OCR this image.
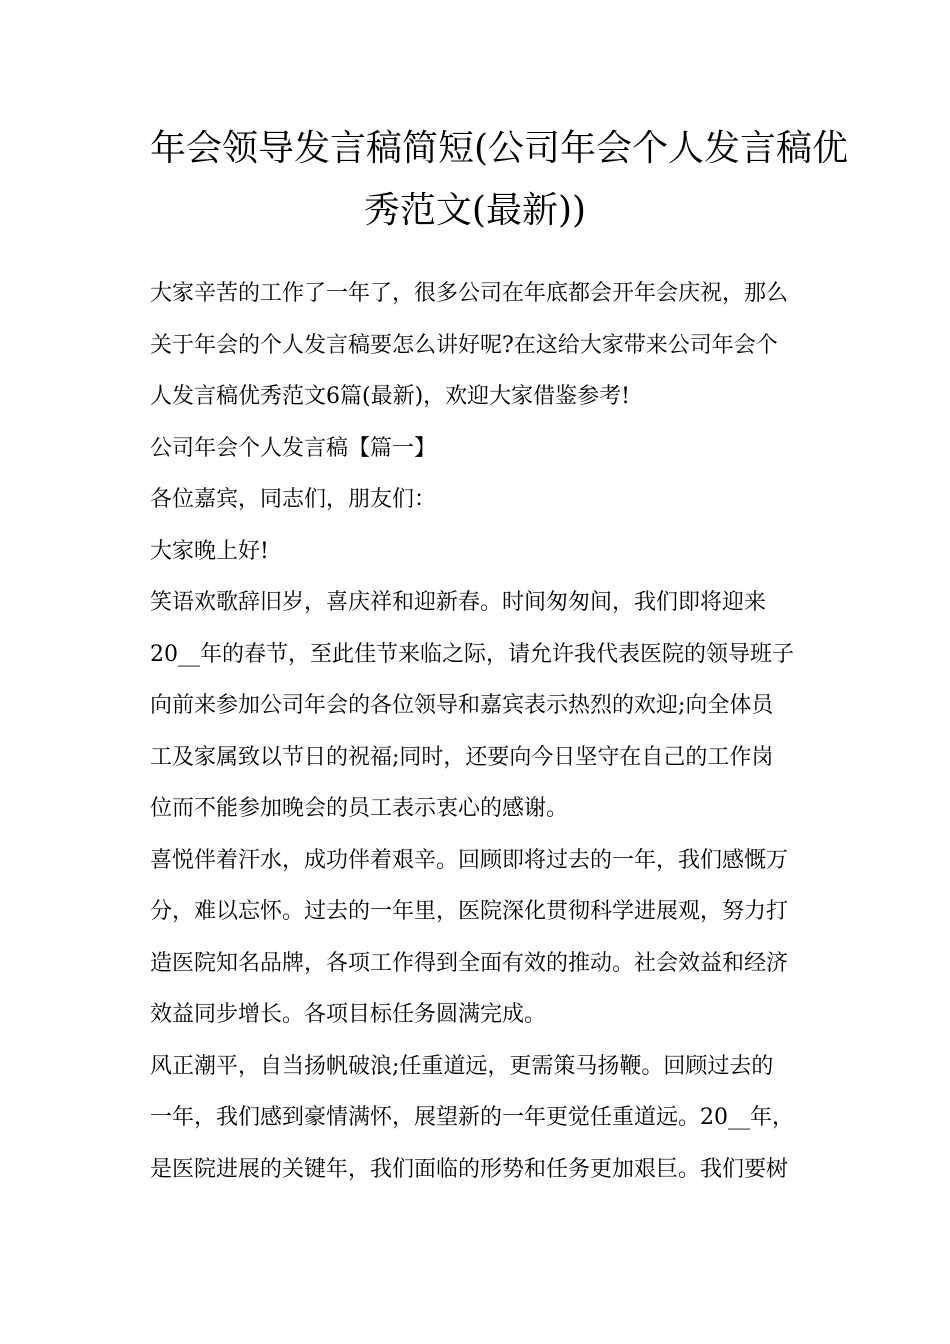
年会领导发言稿简短(公司年会个人发言稿优
秀范文(最新))
大家辛苦的工作了一年了，很多公司在年底都会开年会庆祝，那么
关于年会的个人发言稿要怎么讲好呢?在这给大家带来公司年会个
人发言稿优秀范文6篇(最新)，欢迎大家借鉴参考!
公司年会个人发言稿【篇一】
各位嘉宾，同志们，朋友们：
大家晚上好!
笑语欢歌辞旧岁，喜庆祥和迎新春。时间匆匆间，我们即将迎来
20__年的春节，至此佳节来临之际，请允许我代表医院的领导班子
向前来参加公司年会的各位领导和嘉宾表示热烈的欢迎;向全体员
工及家属致以节日的祝福;同时，还要向今日坚守在自己的工作岗
位而不能参加晚会的员工表示衷心的感谢。
喜悦伴着汗水，成功伴着艰辛。回顾即将过去的一年，我们感慨万
分，难以忘怀。过去的一年里，医院深化贯彻科学进展观，努力打
造医院知名品牌，各项工作得到全面有效的推动。社会效益和经济
效益同步增长。各项目标任务圆满完成。
风正潮平，自当扬帆破浪;任重道远，更需策马扬鞭。回顾过去的
一年，我们感到豪情满怀，展望新的一年更觉任重道远。20__年，
是医院进展的关键年，我们面临的形势和任务更加艰巨。我们要树
